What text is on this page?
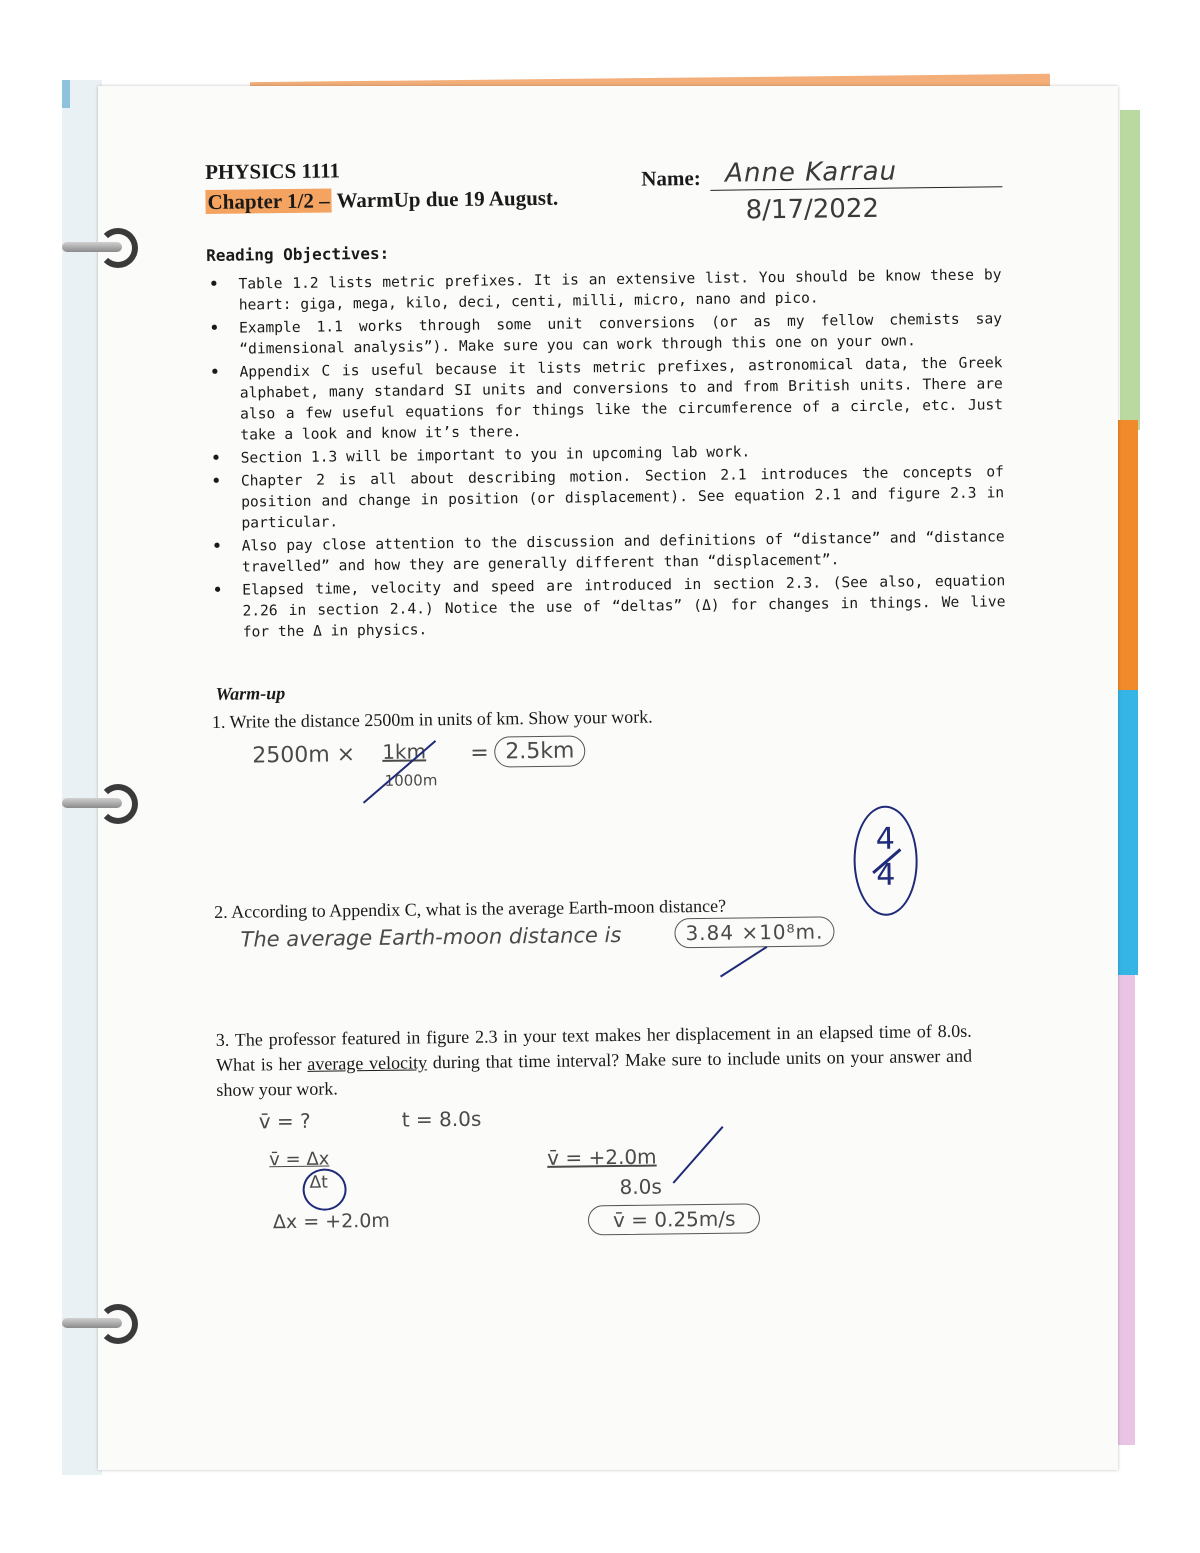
PHYSICS 1111
Chapter 1/2 – WarmUp due 19 August.
Name: Anne Karrau
8/17/2022
Reading Objectives:
• Table 1.2 lists metric prefixes. It is an extensive list. You should be know these by heart: giga, mega, kilo, deci, centi, milli, micro, nano and pico.
• Example 1.1 works through some unit conversions (or as my fellow chemists say “dimensional analysis”). Make sure you can work through this one on your own.
• Appendix C is useful because it lists metric prefixes, astronomical data, the Greek alphabet, many standard SI units and conversions to and from British units. There are also a few useful equations for things like the circumference of a circle, etc. Just take a look and know it’s there.
• Section 1.3 will be important to you in upcoming lab work.
• Chapter 2 is all about describing motion. Section 2.1 introduces the concepts of position and change in position (or displacement). See equation 2.1 and figure 2.3 in particular.
• Also pay close attention to the discussion and definitions of “distance” and “distance travelled” and how they are generally different than “displacement”.
• Elapsed time, velocity and speed are introduced in section 2.3. (See also, equation 2.26 in section 2.4.) Notice the use of “deltas” (Δ) for changes in things. We live for the Δ in physics.
Warm-up
1. Write the distance 2500m in units of km. Show your work.
2500m × 1km
1000m
= 2.5km
4
4
2. According to Appendix C, what is the average Earth-moon distance?
The average Earth-moon distance is	3.84 ×10⁸m.
3. The professor featured in figure 2.3 in your text makes her displacement in an elapsed time of 8.0s. What is her average velocity during that time interval? Make sure to include units on your answer and show your work.
v̄ = ?	t = 8.0s
v̄ = Δx
Δt
Δx = +2.0m
v̄ = +2.0m
8.0s
v̄ = 0.25m/s
